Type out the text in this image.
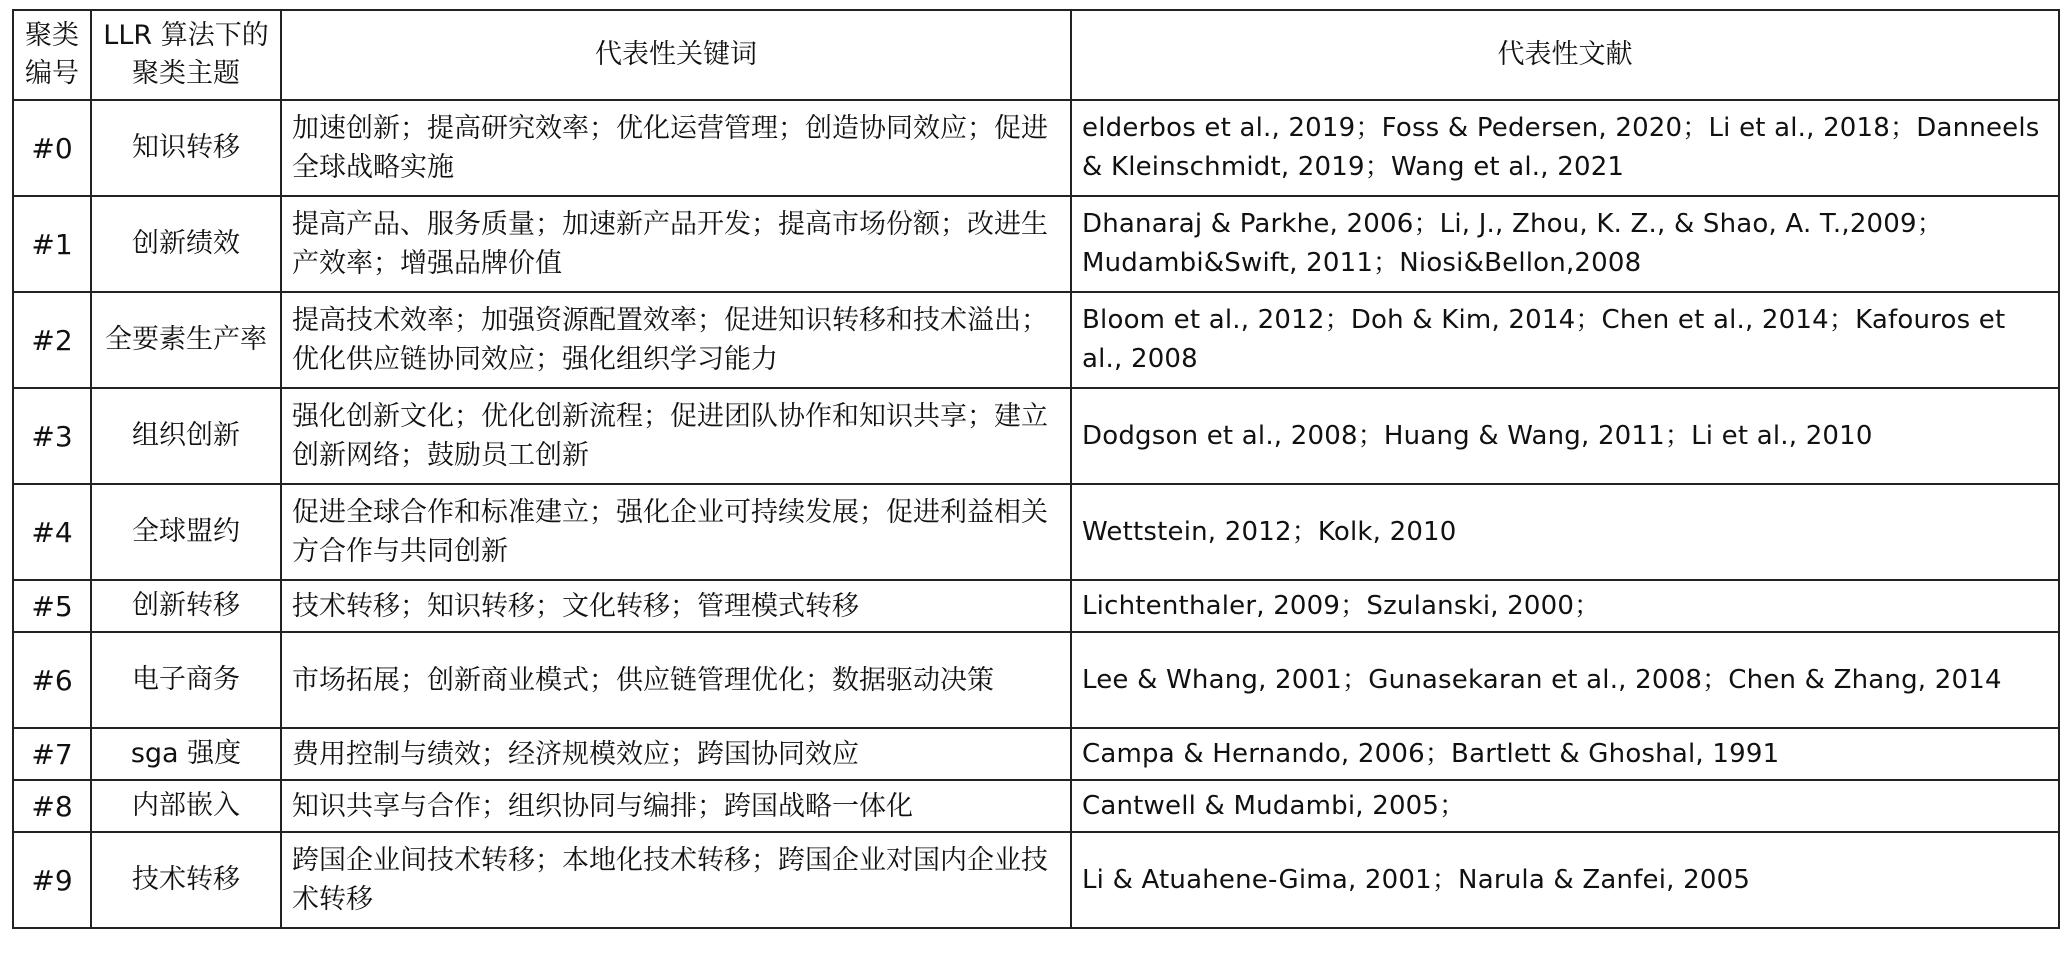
聚类编号	LLR 算法下的聚类主题	代表性关键词	代表性文献
#0	知识转移	加速创新；提高研究效率；优化运营管理；创造协同效应；促进全球战略实施	elderbos et al., 2019；Foss & Pedersen, 2020；Li et al., 2018；Danneels & Kleinschmidt, 2019；Wang et al., 2021
#1	创新绩效	提高产品、服务质量；加速新产品开发；提高市场份额；改进生产效率；增强品牌价值	Dhanaraj & Parkhe, 2006；Li, J., Zhou, K. Z., & Shao, A. T.,2009；Mudambi&Swift, 2011；Niosi&Bellon,2008
#2	全要素生产率	提高技术效率；加强资源配置效率；促进知识转移和技术溢出；优化供应链协同效应；强化组织学习能力	Bloom et al., 2012；Doh & Kim, 2014；Chen et al., 2014；Kafouros et al., 2008
#3	组织创新	强化创新文化；优化创新流程；促进团队协作和知识共享；建立创新网络；鼓励员工创新	Dodgson et al., 2008；Huang & Wang, 2011；Li et al., 2010
#4	全球盟约	促进全球合作和标准建立；强化企业可持续发展；促进利益相关方合作与共同创新	Wettstein, 2012；Kolk, 2010
#5	创新转移	技术转移；知识转移；文化转移；管理模式转移	Lichtenthaler, 2009；Szulanski, 2000；
#6	电子商务	市场拓展；创新商业模式；供应链管理优化；数据驱动决策	Lee & Whang, 2001；Gunasekaran et al., 2008；Chen & Zhang, 2014
#7	sga 强度	费用控制与绩效；经济规模效应；跨国协同效应	Campa & Hernando, 2006；Bartlett & Ghoshal, 1991
#8	内部嵌入	知识共享与合作；组织协同与编排；跨国战略一体化	Cantwell & Mudambi, 2005；
#9	技术转移	跨国企业间技术转移；本地化技术转移；跨国企业对国内企业技术转移	Li & Atuahene-Gima, 2001；Narula & Zanfei, 2005
